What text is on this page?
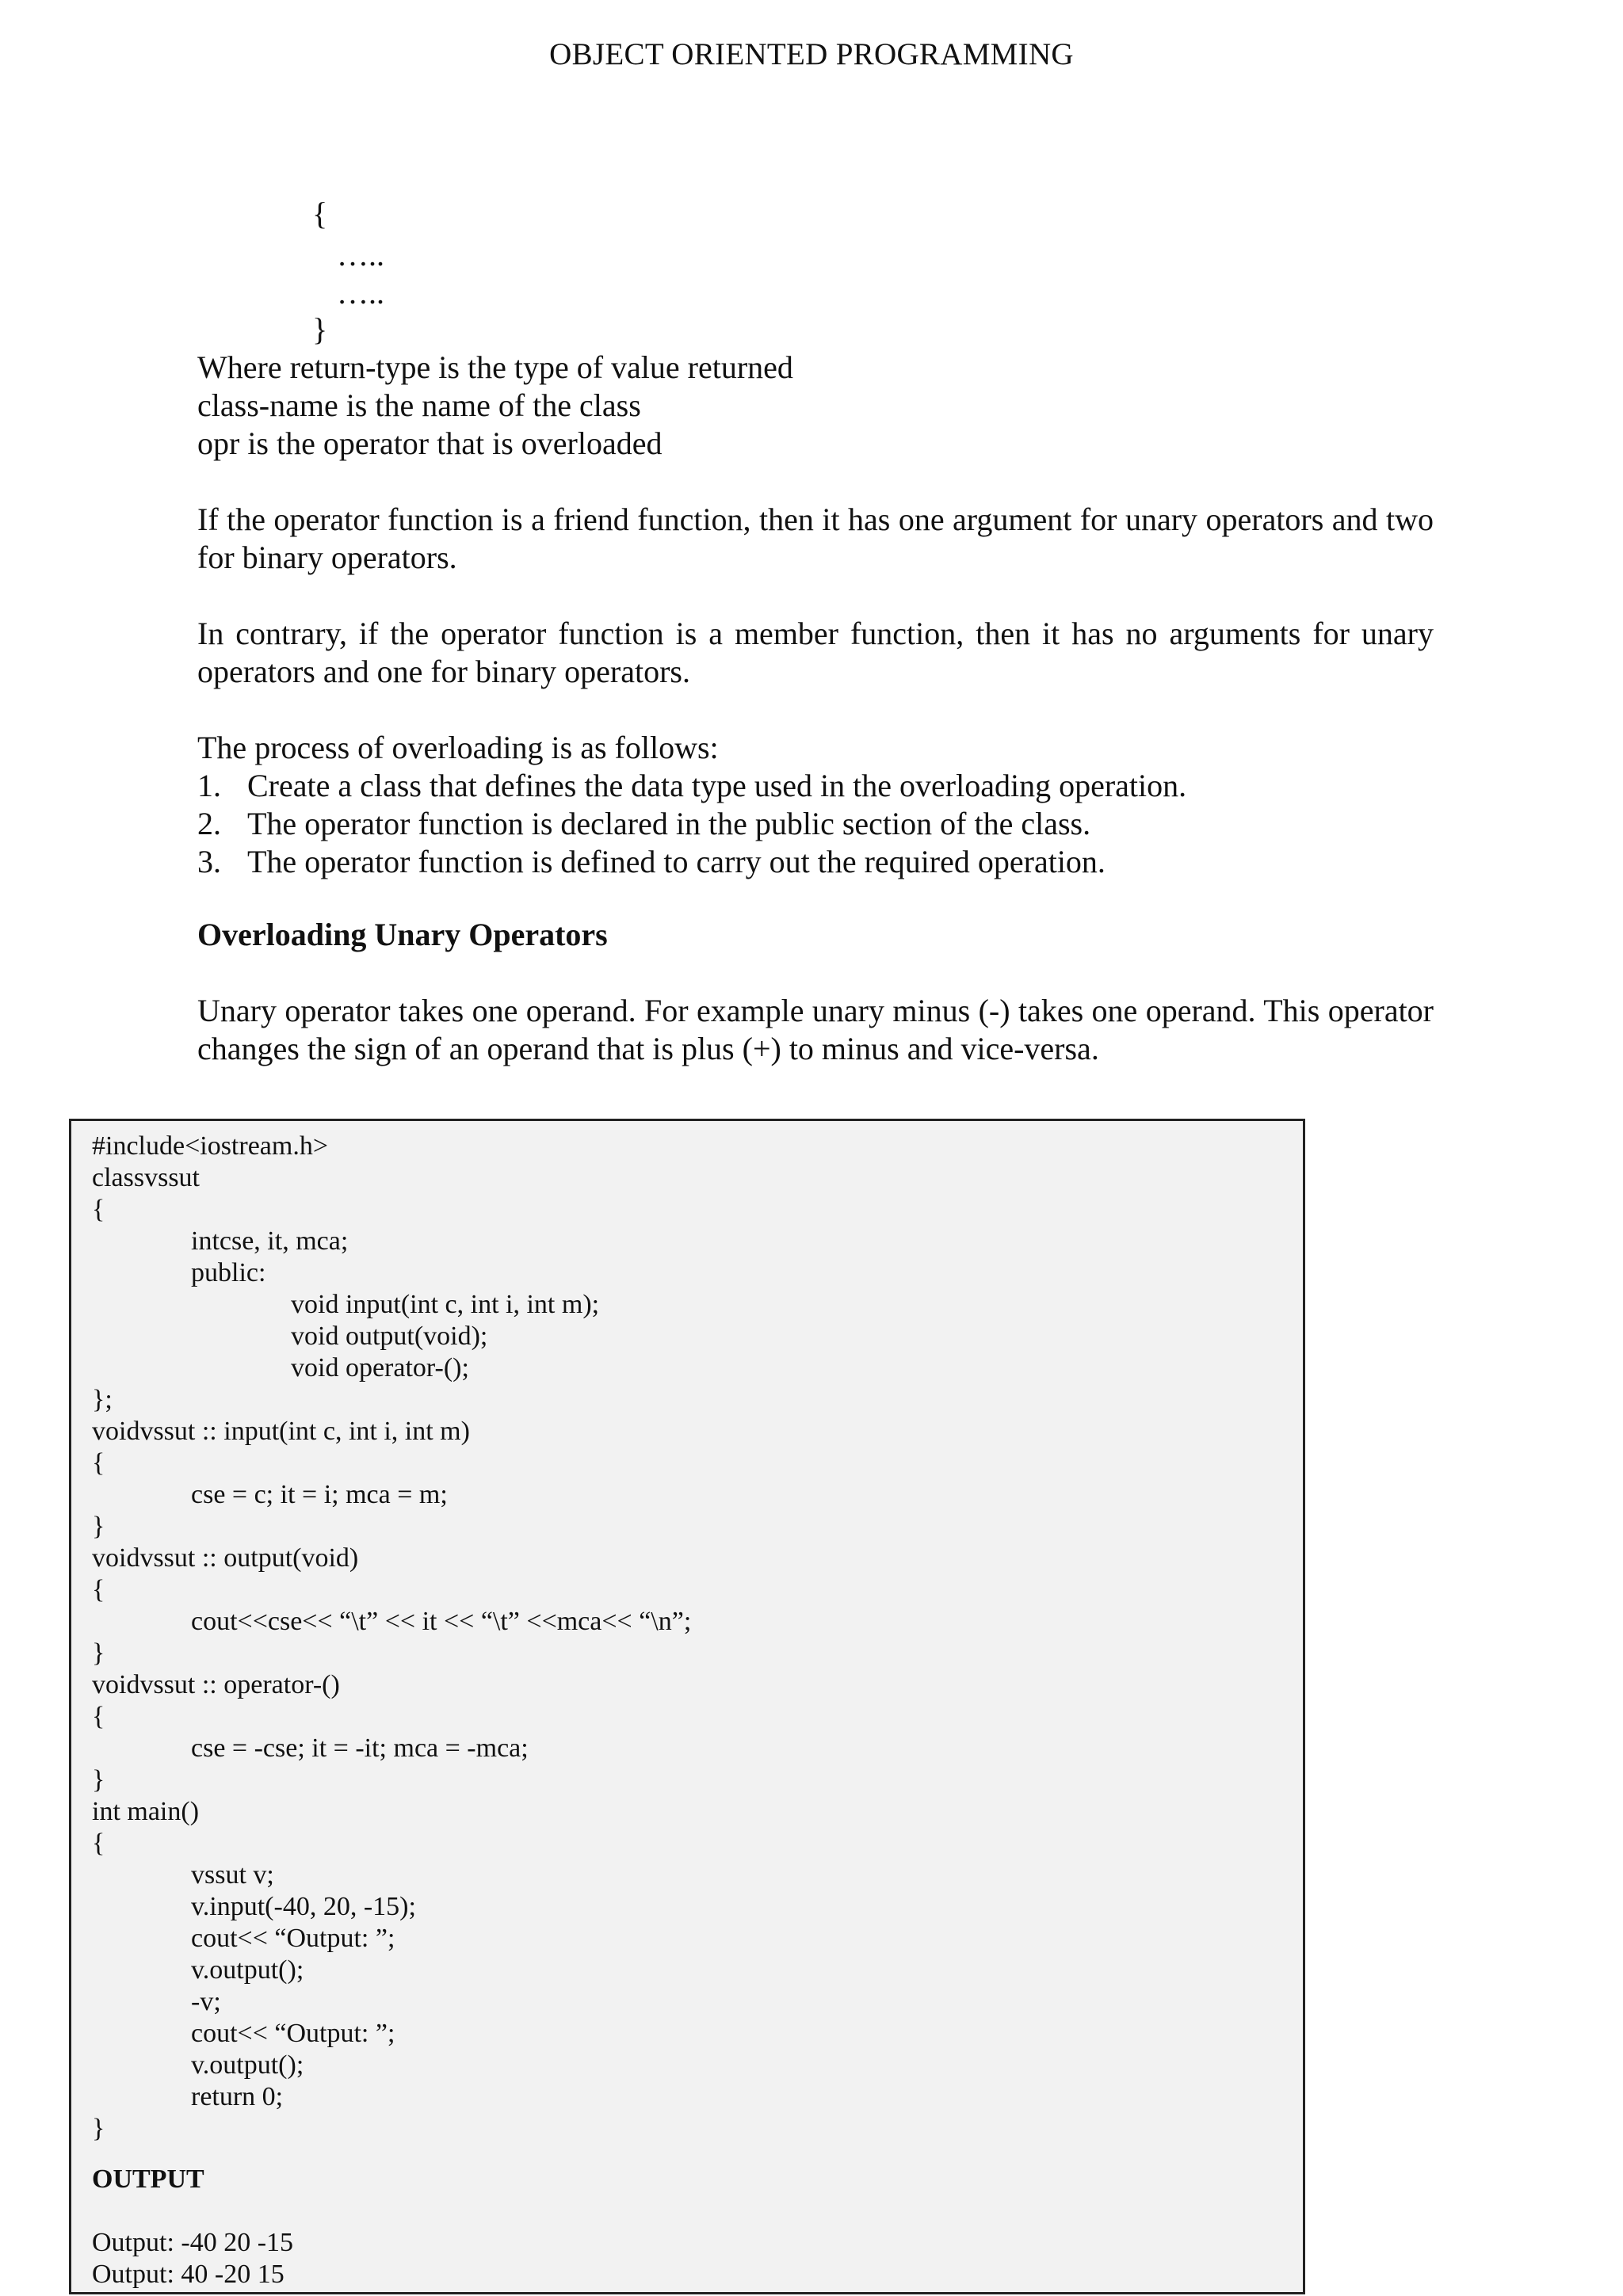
OBJECT ORIENTED PROGRAMMING
{
…..
…..
}
Where return-type is the type of value returned
class-name is the name of the class
opr is the operator that is overloaded
If the operator function is a friend function, then it has one argument for unary operators and two for binary operators.
In contrary, if the operator function is a member function, then it has no arguments for unary operators and one for binary operators.
The process of overloading is as follows:
1. Create a class that defines the data type used in the overloading operation.
2. The operator function is declared in the public section of the class.
3. The operator function is defined to carry out the required operation.
Overloading Unary Operators
Unary operator takes one operand. For example unary minus (-) takes one operand. This operator changes the sign of an operand that is plus (+) to minus and vice-versa.
#include<iostream.h>
classvssut
{
intcse, it, mca;
public:
void input(int c, int i, int m);
void output(void);
void operator-();
};
voidvssut :: input(int c, int i, int m)
{
cse = c; it = i; mca = m;
}
voidvssut :: output(void)
{
cout<<cse<< “\t” << it << “\t” <<mca<< “\n”;
}
voidvssut :: operator-()
{
cse = -cse; it = -it; mca = -mca;
}
int main()
{
vssut v;
v.input(-40, 20, -15);
cout<< “Output: ”;
v.output();
-v;
cout<< “Output: ”;
v.output();
return 0;
}
OUTPUT
Output: -40 20 -15
Output: 40 -20 15
